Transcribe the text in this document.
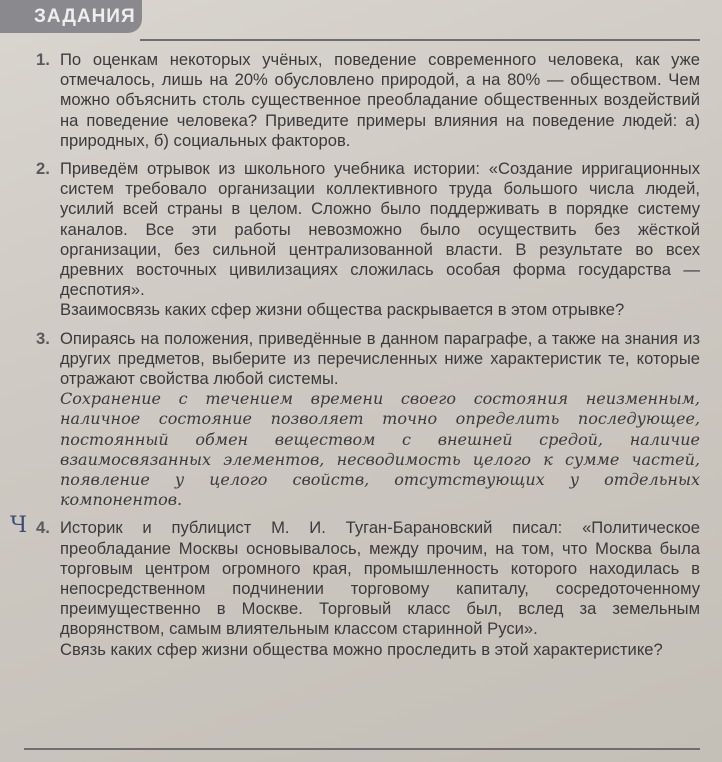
ЗАДАНИЯ
1. По оценкам некоторых учёных, поведение современного человека, как уже отмечалось, лишь на 20% обусловлено природой, а на 80% — обществом. Чем можно объяснить столь существенное преобладание общественных воздействий на поведение человека? Приведите примеры влияния на поведение людей: а) природных, б) социальных факторов.
2. Приведём отрывок из школьного учебника истории: «Создание ирригационных систем требовало организации коллективного труда большого числа людей, усилий всей страны в целом. Сложно было поддерживать в порядке систему каналов. Все эти работы невозможно было осуществить без жёсткой организации, без сильной централизованной власти. В результате во всех древних восточных цивилизациях сложилась особая форма государства — деспотия».
Взаимосвязь каких сфер жизни общества раскрывается в этом отрывке?
3. Опираясь на положения, приведённые в данном параграфе, а также на знания из других предметов, выберите из перечисленных ниже характеристик те, которые отражают свойства любой системы.
Сохранение с течением времени своего состояния неизменным, наличное состояние позволяет точно определить последующее, постоянный обмен веществом с внешней средой, наличие взаимосвязанных элементов, несводимость целого к сумме частей, появление у целого свойств, отсутствующих у отдельных компонентов.
Ч 4. Историк и публицист М. И. Туган-Барановский писал: «Политическое преобладание Москвы основывалось, между прочим, на том, что Москва была торговым центром огромного края, промышленность которого находилась в непосредственном подчинении торговому капиталу, сосредоточенному преимущественно в Москве. Торговый класс был, вслед за земельным дворянством, самым влиятельным классом старинной Руси».
Связь каких сфер жизни общества можно проследить в этой характеристике?
